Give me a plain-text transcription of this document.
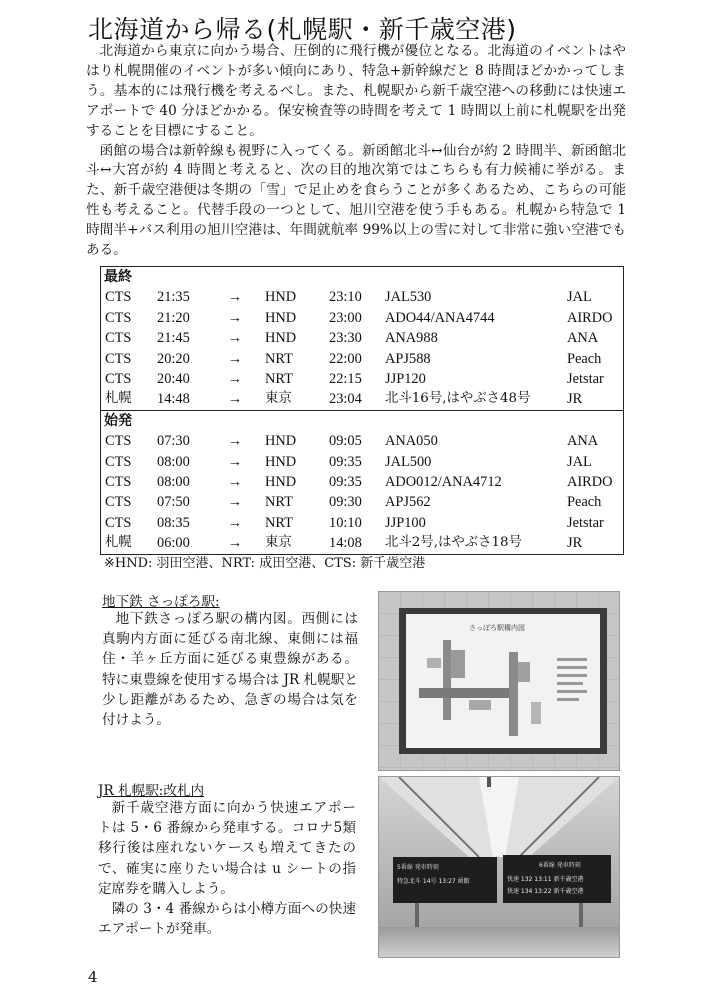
北海道から帰る(札幌駅・新千歳空港)

北海道から東京に向かう場合、圧倒的に飛行機が優位となる。北海道のイベントはやはり札幌開催のイベントが多い傾向にあり、特急+新幹線だと 8 時間ほどかかってしまう。基本的には飛行機を考えるべし。また、札幌駅から新千歳空港への移動には快速エアポートで 40 分ほどかかる。保安検査等の時間を考えて 1 時間以上前に札幌駅を出発することを目標にすること。

函館の場合は新幹線も視野に入ってくる。新函館北斗↔仙台が約 2 時間半、新函館北斗↔大宮が約 4 時間と考えると、次の目的地次第ではこちらも有力候補に挙がる。また、新千歳空港便は冬期の「雪」で足止めを食らうことが多くあるため、こちらの可能性も考えること。代替手段の一つとして、旭川空港を使う手もある。札幌から特急で 1 時間半+バス利用の旭川空港は、年間就航率 99%以上の雪に対して非常に強い空港でもある。

最終						
CTS	21:35	→	HND	23:10	JAL530	JAL
CTS	21:20	→	HND	23:00	ADO44/ANA4744	AIRDO
CTS	21:45	→	HND	23:30	ANA988	ANA
CTS	20:20	→	NRT	22:00	APJ588	Peach
CTS	20:40	→	NRT	22:15	JJP120	Jetstar
札幌	14:48	→	東京	23:04	北斗16号,はやぶさ48号	JR
始発						
CTS	07:30	→	HND	09:05	ANA050	ANA
CTS	08:00	→	HND	09:35	JAL500	JAL
CTS	08:00	→	HND	09:35	ADO012/ANA4712	AIRDO
CTS	07:50	→	NRT	09:30	APJ562	Peach
CTS	08:35	→	NRT	10:10	JJP100	Jetstar
札幌	06:00	→	東京	14:08	北斗2号,はやぶさ18号	JR
※HND: 羽田空港、NRT: 成田空港、CTS: 新千歳空港
地下鉄 さっぽろ駅:

地下鉄さっぽろ駅の構内図。西側には真駒内方面に延びる南北線、東側には福住・羊ヶ丘方面に延びる東豊線がある。特に東豊線を使用する場合は JR 札幌駅と少し距離があるため、急ぎの場合は気を付けよう。

さっぽろ駅構内図
JR 札幌駅:改札内

新千歳空港方面に向かう快速エアポートは 5・6 番線から発車する。コロナ5類移行後は座れないケースも増えてきたので、確実に座りたい場合は u シートの指定席券を購入しよう。

隣の 3・4 番線からは小樽方面への快速エアポートが発車。

5番線 発車時刻
特急北斗 14号 13:27 函館
6番線 発車時刻
快速 132 13:11 新千歳空港
快速 134 13:22 新千歳空港
4
